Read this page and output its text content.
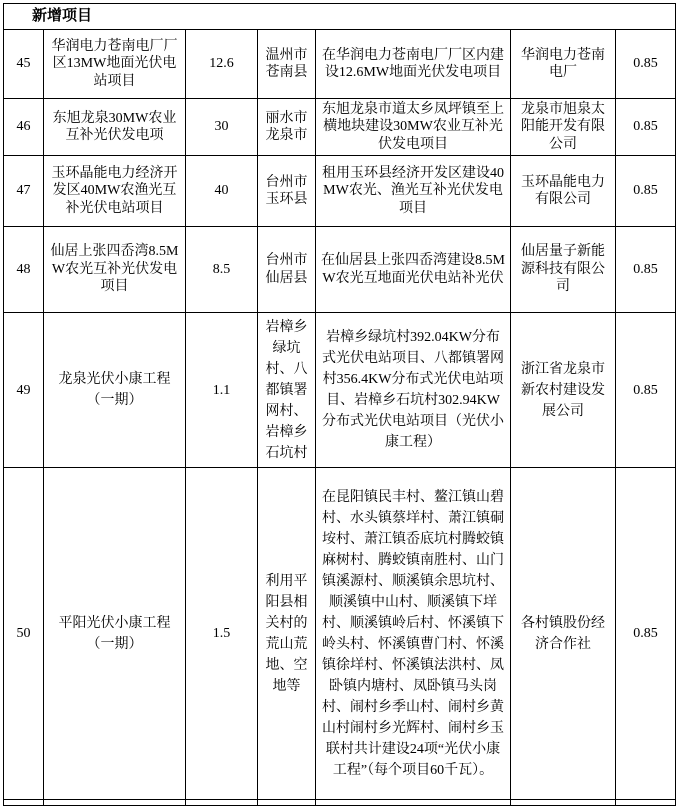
新增项目						
45	华润电力苍南电厂厂区13MW地面光伏电站项目	12.6	温州市苍南县	在华润电力苍南电厂厂区内建设12.6MW地面光伏发电项目	华润电力苍南电厂	0.85
46	东旭龙泉30MW农业互补光伏发电项	30	丽水市龙泉市	东旭龙泉市道太乡凤坪镇至上横地块建设30MW农业互补光伏发电项目	龙泉市旭泉太阳能开发有限公司	0.85
47	玉环晶能电力经济开发区40MW农渔光互补光伏电站项目	40	台州市玉环县	租用玉环县经济开发区建设40MW农光、渔光互补光伏发电项目	玉环晶能电力有限公司	0.85
48	仙居上张四岙湾8.5MW农光互补光伏发电项目	8.5	台州市仙居县	在仙居县上张四岙湾建设8.5MW农光互地面光伏电站补光伏	仙居量子新能源科技有限公司	0.85
49	龙泉光伏小康工程（一期）	1.1	岩樟乡绿坑村、八都镇署网村、岩樟乡石坑村	岩樟乡绿坑村392.04KW分布式光伏电站项目、八都镇署网村356.4KW分布式光伏电站项目、岩樟乡石坑村302.94KW分布式光伏电站项目（光伏小康工程）	浙江省龙泉市新农村建设发展公司	0.85
50	平阳光伏小康工程（一期）	1.5	利用平阳县相关村的荒山荒地、空地等	在昆阳镇民丰村、鳌江镇山碧村、水头镇蔡垟村、萧江镇硐垵村、萧江镇岙底坑村腾蛟镇麻树村、腾蛟镇南胜村、山门镇溪源村、顺溪镇余思坑村、顺溪镇中山村、顺溪镇下垟村、顺溪镇岭后村、怀溪镇下岭头村、怀溪镇曹门村、怀溪镇徐垟村、怀溪镇法洪村、凤卧镇内塘村、凤卧镇马头岗村、闹村乡季山村、闹村乡黄山村闹村乡光辉村、闹村乡玉联村共计建设24项“光伏小康工程”（每个项目60千瓦）。	各村镇股份经济合作社	0.85
